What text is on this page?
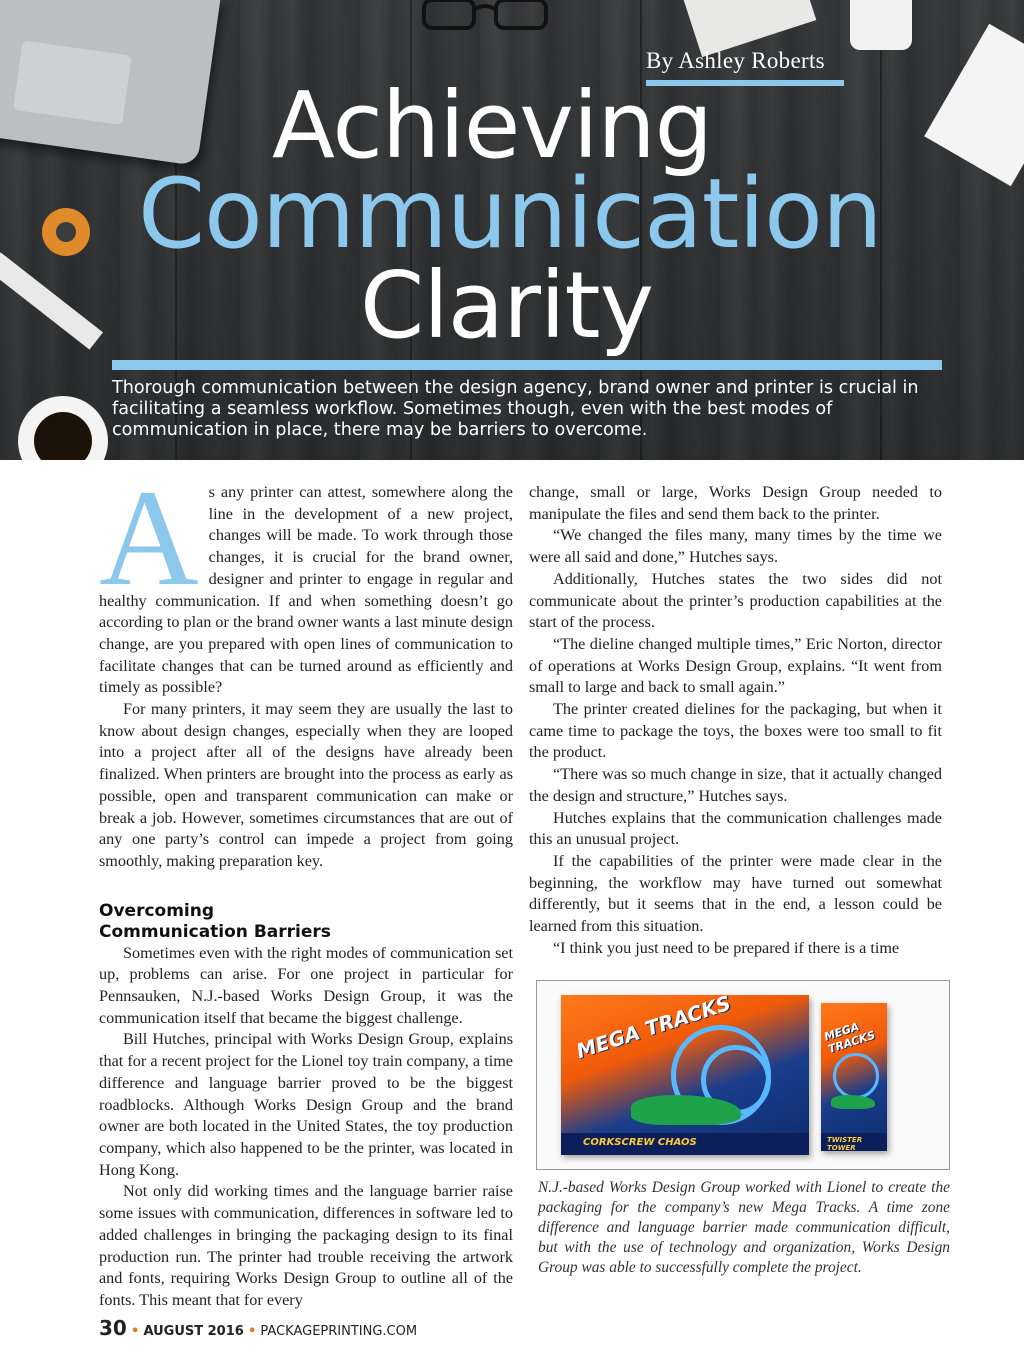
By Ashley Roberts
Achieving
Communication
Clarity
Thorough communication between the design agency, brand owner and printer is crucial in facilitating a seamless workflow. Sometimes though, even with the best modes of communication in place, there may be barriers to overcome.

As any printer can attest, somewhere along the line in the development of a new project, changes will be made. To work through those changes, it is crucial for the brand owner, designer and printer to engage in regular and healthy communication. If and when something doesn’t go according to plan or the brand owner wants a last minute design change, are you prepared with open lines of communication to facilitate changes that can be turned around as efficiently and timely as possible?

For many printers, it may seem they are usually the last to know about design changes, especially when they are looped into a project after all of the designs have already been finalized. When printers are brought into the process as early as possible, open and transparent communication can make or break a job. However, sometimes circumstances that are out of any one party’s control can impede a project from going smoothly, making preparation key.

Overcoming
Communication Barriers

Sometimes even with the right modes of communication set up, problems can arise. For one project in particular for Pennsauken, N.J.-based Works Design Group, it was the communication itself that became the biggest challenge.

Bill Hutches, principal with Works Design Group, explains that for a recent project for the Lionel toy train company, a time difference and language barrier proved to be the biggest roadblocks. Although Works Design Group and the brand owner are both located in the United States, the toy production company, which also happened to be the printer, was located in Hong Kong.

Not only did working times and the language barrier raise some issues with communication, differences in software led to added challenges in bringing the packaging design to its final production run. The printer had trouble receiving the artwork and fonts, requiring Works Design Group to outline all of the fonts. This meant that for every

change, small or large, Works Design Group needed to manipulate the files and send them back to the printer.

“We changed the files many, many times by the time we were all said and done,” Hutches says.

Additionally, Hutches states the two sides did not communicate about the printer’s production capabilities at the start of the process.

“The dieline changed multiple times,” Eric Norton, director of operations at Works Design Group, explains. “It went from small to large and back to small again.”

The printer created dielines for the packaging, but when it came time to package the toys, the boxes were too small to fit the product.

“There was so much change in size, that it actually changed the design and structure,” Hutches says.

Hutches explains that the communication challenges made this an unusual project.

If the capabilities of the printer were made clear in the beginning, the workflow may have turned out somewhat differently, but it seems that in the end, a lesson could be learned from this situation.

“I think you just need to be prepared if there is a time

MEGA TRACKS
CORKSCREW CHAOS
MEGA TRACKS
TWISTER TOWER
N.J.-based Works Design Group worked with Lionel to create the packaging for the company’s new Mega Tracks. A time zone difference and language barrier made communication difficult, but with the use of technology and organization, Works Design Group was able to successfully complete the project.
30 • AUGUST 2016 • PACKAGEPRINTING.COM
